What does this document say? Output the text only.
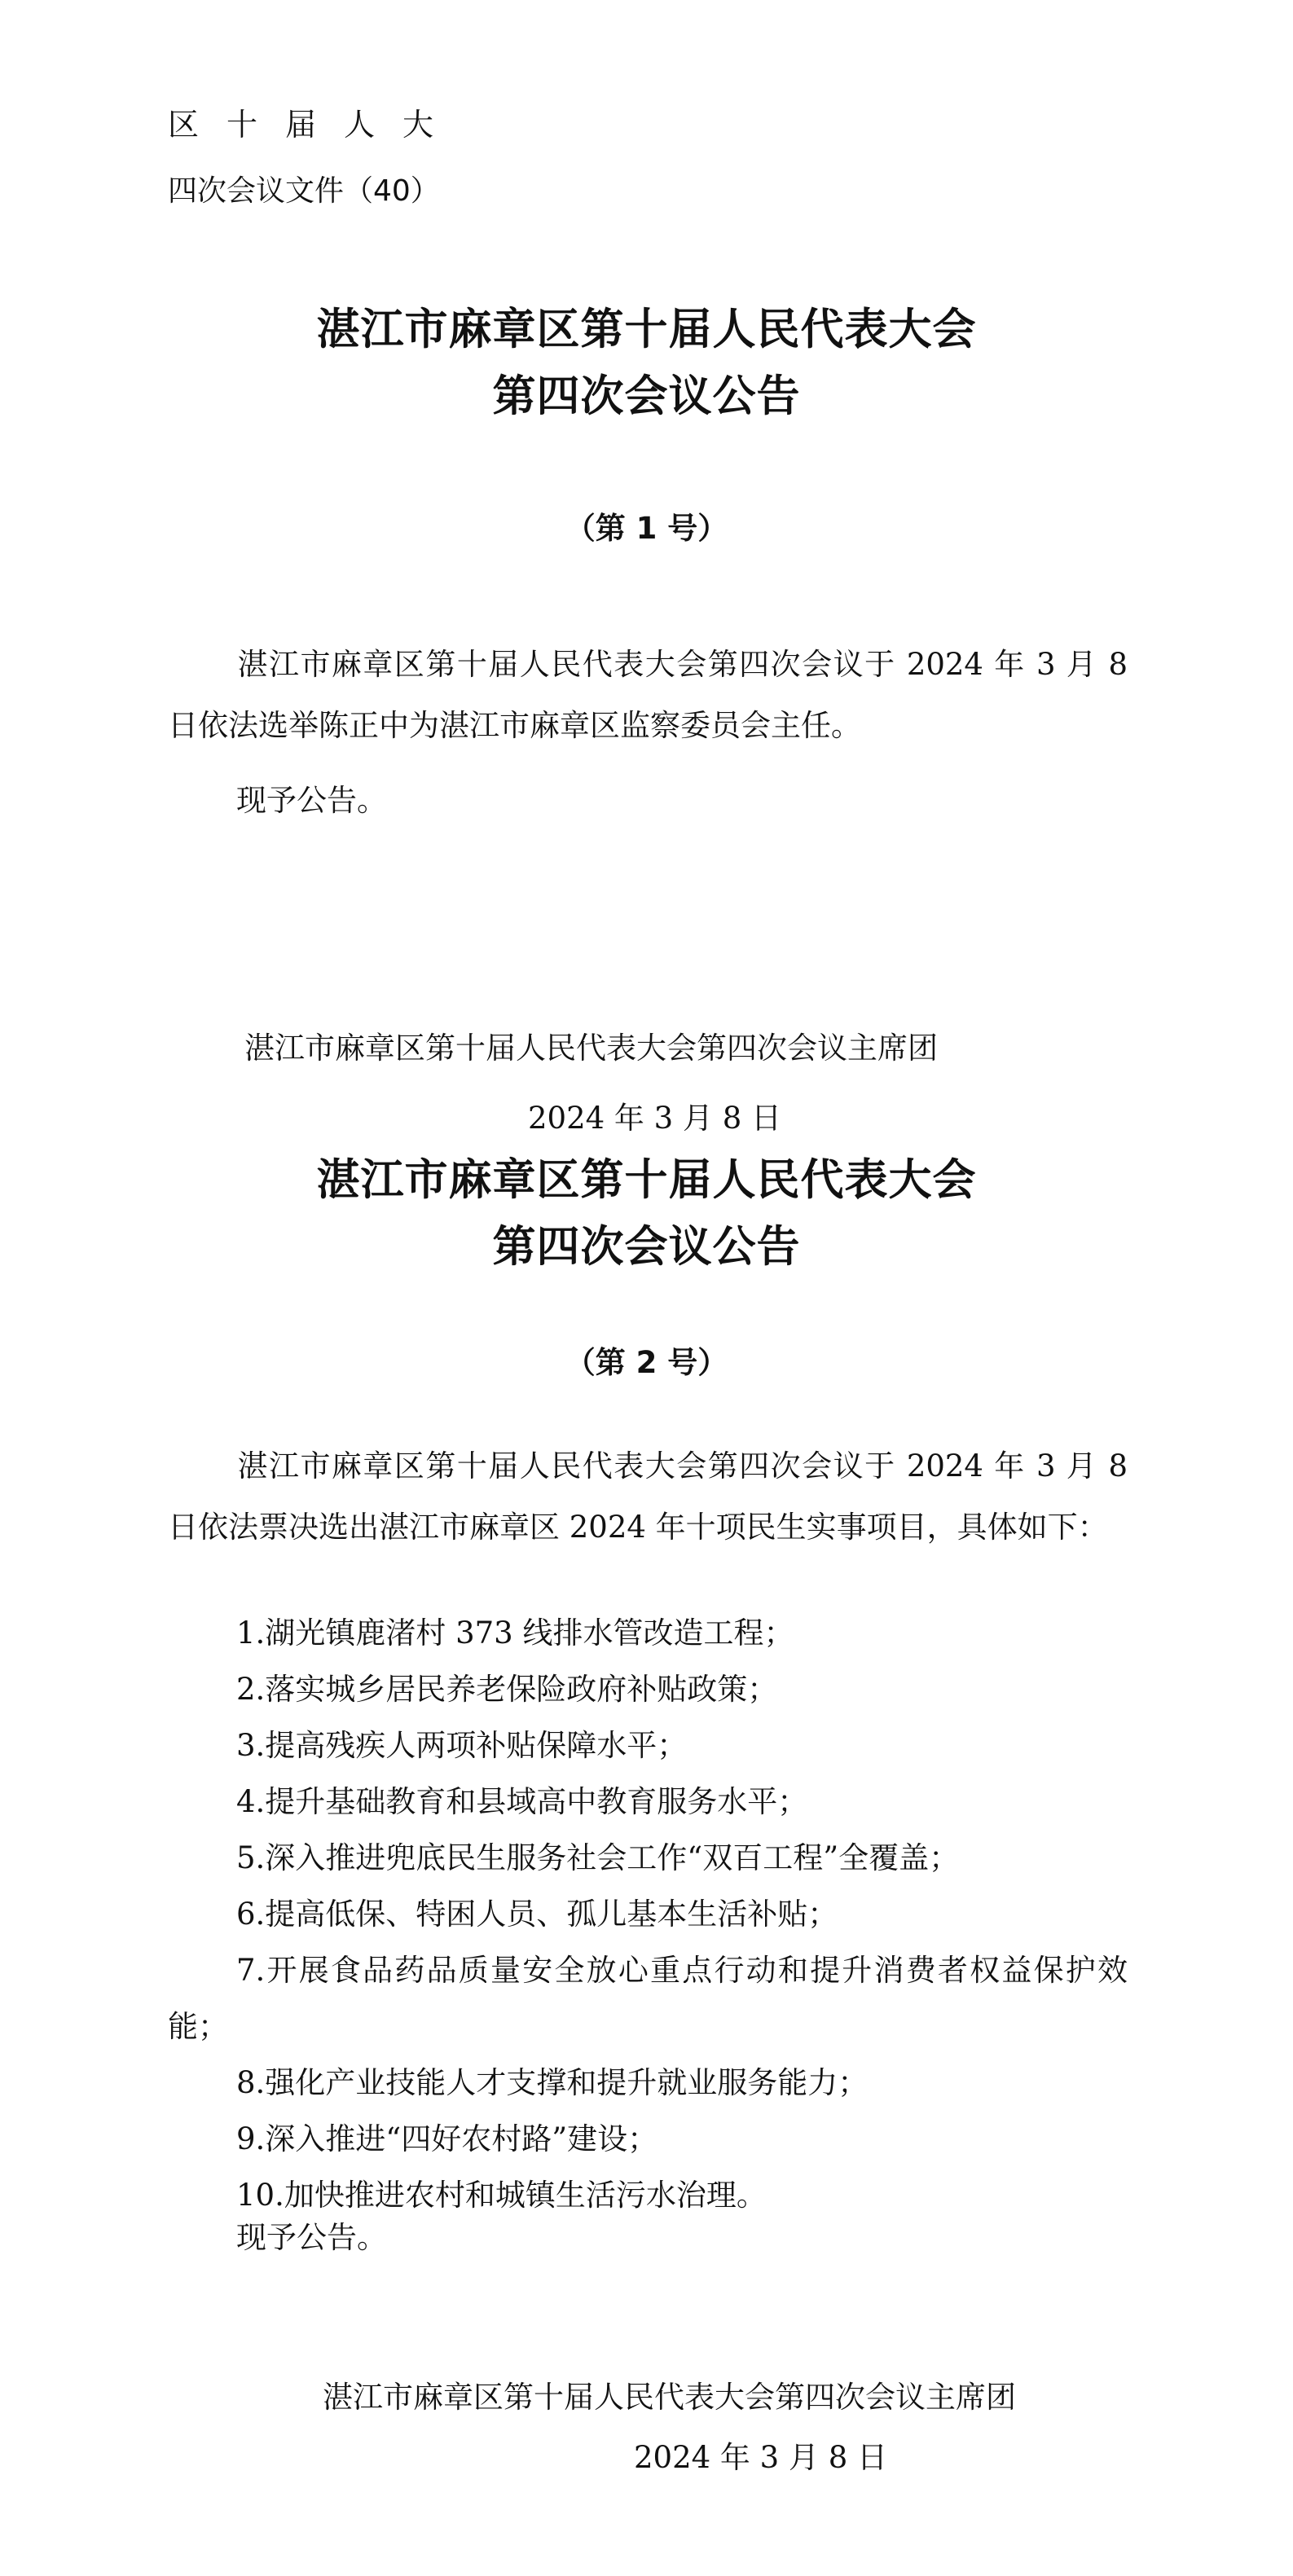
区十届人大
四次会议文件（40）
湛江市麻章区第十届人民代表大会
第四次会议公告
（第 1 号）
湛江市麻章区第十届人民代表大会第四次会议于 2024 年 3 月 8 日依法选举陈正中为湛江市麻章区监察委员会主任。
现予公告。
湛江市麻章区第十届人民代表大会第四次会议主席团
2024 年 3 月 8 日
湛江市麻章区第十届人民代表大会
第四次会议公告
（第 2 号）
湛江市麻章区第十届人民代表大会第四次会议于 2024 年 3 月 8 日依法票决选出湛江市麻章区 2024 年十项民生实事项目，具体如下：
1.湖光镇鹿渚村 373 线排水管改造工程；
2.落实城乡居民养老保险政府补贴政策；
3.提高残疾人两项补贴保障水平；
4.提升基础教育和县域高中教育服务水平；
5.深入推进兜底民生服务社会工作“双百工程”全覆盖；
6.提高低保、特困人员、孤儿基本生活补贴；
7.开展食品药品质量安全放心重点行动和提升消费者权益保护效能；
8.强化产业技能人才支撑和提升就业服务能力；
9.深入推进“四好农村路”建设；
10.加快推进农村和城镇生活污水治理。
现予公告。
湛江市麻章区第十届人民代表大会第四次会议主席团
2024 年 3 月 8 日
